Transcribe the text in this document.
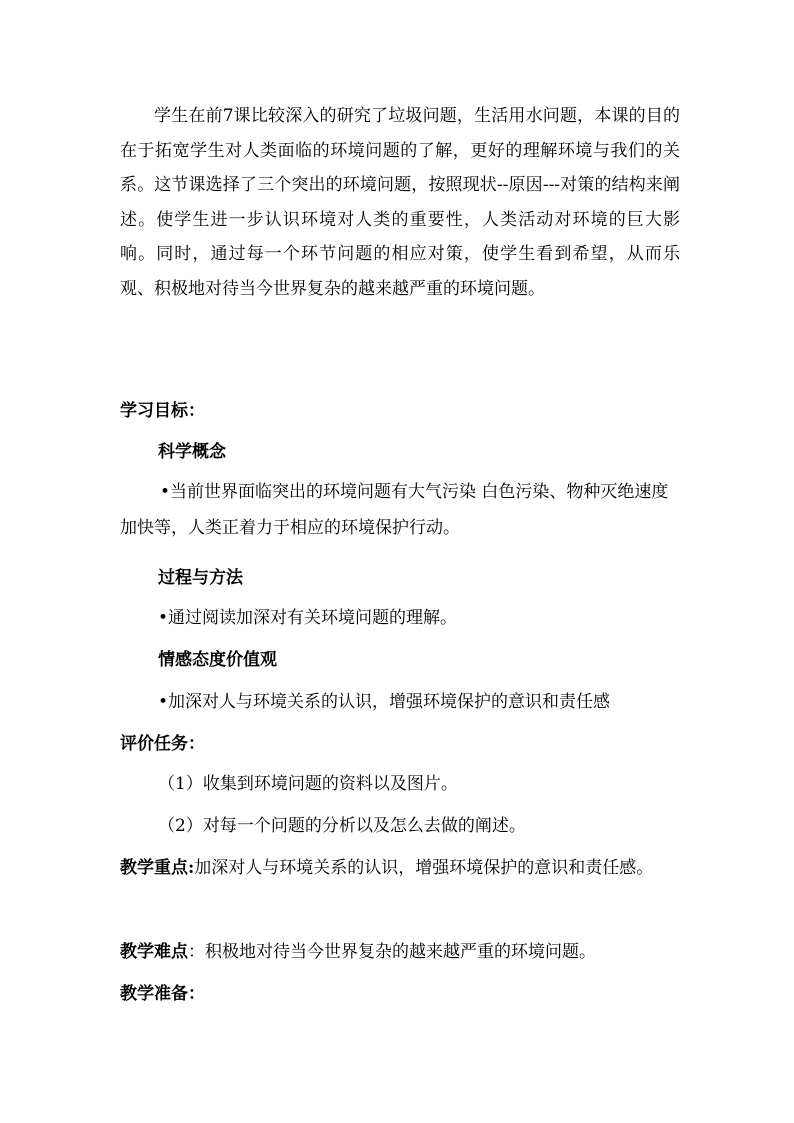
学生在前7课比较深入的研究了垃圾问题，生活用水问题，本课的目的在于拓宽学生对人类面临的环境问题的了解，更好的理解环境与我们的关系。这节课选择了三个突出的环境问题，按照现状--原因---对策的结构来阐述。使学生进一步认识环境对人类的重要性，人类活动对环境的巨大影响。同时，通过每一个环节问题的相应对策，使学生看到希望，从而乐观、积极地对待当今世界复杂的越来越严重的环境问题。

学习目标：

科学概念

•当前世界面临突出的环境问题有大气污染 白色污染、物种灭绝速度加快等，人类正着力于相应的环境保护行动。

过程与方法

•通过阅读加深对有关环境问题的理解。

情感态度价值观

•加深对人与环境关系的认识，增强环境保护的意识和责任感

评价任务：

（1）收集到环境问题的资料以及图片。

（2）对每一个问题的分析以及怎么去做的阐述。

教学重点:加深对人与环境关系的认识，增强环境保护的意识和责任感。

教学难点：积极地对待当今世界复杂的越来越严重的环境问题。

教学准备：
